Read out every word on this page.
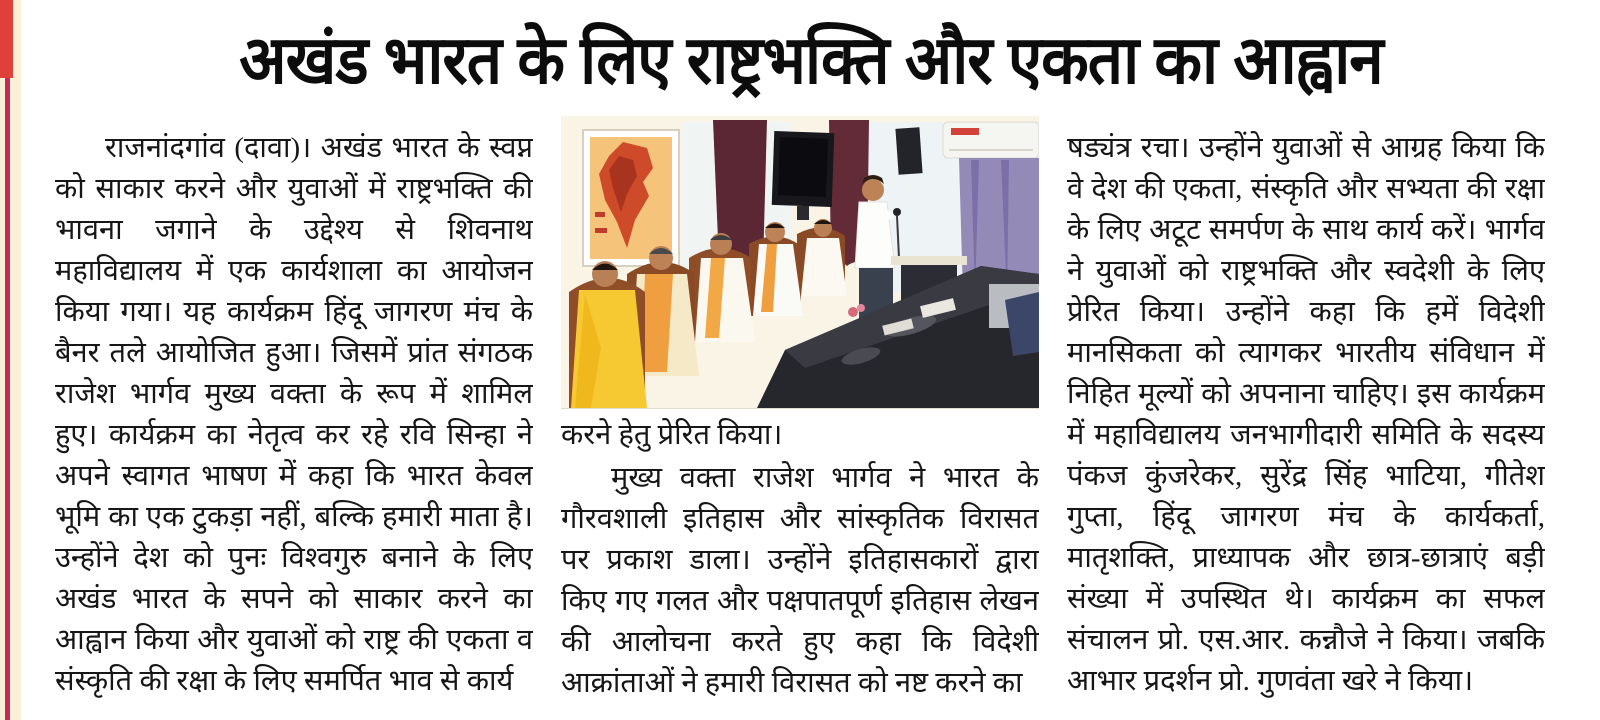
अखंड भारत के लिए राष्ट्रभक्ति और एकता का आह्वान

राजनांदगांव (दावा)। अखंड भारत के स्वप्न को साकार करने और युवाओं में राष्ट्रभक्ति की भावना जगाने के उद्देश्य से शिवनाथ महाविद्यालय में एक कार्यशाला का आयोजन किया गया। यह कार्यक्रम हिंदू जागरण मंच के बैनर तले आयोजित हुआ। जिसमें प्रांत संगठक राजेश भार्गव मुख्य वक्ता के रूप में शामिल हुए। कार्यक्रम का नेतृत्व कर रहे रवि सिन्हा ने अपने स्वागत भाषण में कहा कि भारत केवल भूमि का एक टुकड़ा नहीं, बल्कि हमारी माता है। उन्होंने देश को पुनः विश्वगुरु बनाने के लिए अखंड भारत के सपने को साकार करने का आह्वान किया और युवाओं को राष्ट्र की एकता व संस्कृति की रक्षा के लिए समर्पित भाव से कार्य

करने हेतु प्रेरित किया।

मुख्य वक्ता राजेश भार्गव ने भारत के गौरवशाली इतिहास और सांस्कृतिक विरासत पर प्रकाश डाला। उन्होंने इतिहासकारों द्वारा किए गए गलत और पक्षपातपूर्ण इतिहास लेखन की आलोचना करते हुए कहा कि विदेशी आक्रांताओं ने हमारी विरासत को नष्ट करने का

षड्यंत्र रचा। उन्होंने युवाओं से आग्रह किया कि वे देश की एकता, संस्कृति और सभ्यता की रक्षा के लिए अटूट समर्पण के साथ कार्य करें। भार्गव ने युवाओं को राष्ट्रभक्ति और स्वदेशी के लिए प्रेरित किया। उन्होंने कहा कि हमें विदेशी मानसिकता को त्यागकर भारतीय संविधान में निहित मूल्यों को अपनाना चाहिए। इस कार्यक्रम में महाविद्यालय जनभागीदारी समिति के सदस्य पंकज कुंजरेकर, सुरेंद्र सिंह भाटिया, गीतेश गुप्ता, हिंदू जागरण मंच के कार्यकर्ता, मातृशक्ति, प्राध्यापक और छात्र-छात्राएं बड़ी संख्या में उपस्थित थे। कार्यक्रम का सफल संचालन प्रो. एस.आर. कन्नौजे ने किया। जबकि आभार प्रदर्शन प्रो. गुणवंता खरे ने किया।
